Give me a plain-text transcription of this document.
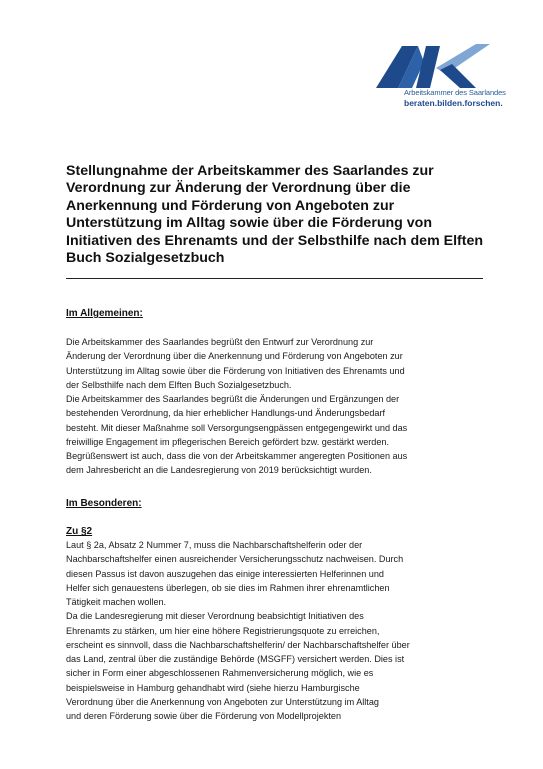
Arbeitskammer des Saarlandes
beraten.bilden.forschen.
Stellungnahme der Arbeitskammer des Saarlandes zur Verordnung zur Änderung der Verordnung über die Anerkennung und Förderung von Angeboten zur Unterstützung im Alltag sowie über die Förderung von Initiativen des Ehrenamts und der Selbsthilfe nach dem Elften Buch Sozialgesetzbuch
Im Allgemeinen:
Die Arbeitskammer des Saarlandes begrüßt den Entwurf zur Verordnung zur
Änderung der Verordnung über die Anerkennung und Förderung von Angeboten zur
Unterstützung im Alltag sowie über die Förderung von Initiativen des Ehrenamts und
der Selbsthilfe nach dem Elften Buch Sozialgesetzbuch.
Die Arbeitskammer des Saarlandes begrüßt die Änderungen und Ergänzungen der
bestehenden Verordnung, da hier erheblicher Handlungs-und Änderungsbedarf
besteht. Mit dieser Maßnahme soll Versorgungsengpässen entgegengewirkt und das
freiwillige Engagement im pflegerischen Bereich gefördert bzw. gestärkt werden.
Begrüßenswert ist auch, dass die von der Arbeitskammer angeregten Positionen aus
dem Jahresbericht an die Landesregierung von 2019 berücksichtigt wurden.
Im Besonderen:
Zu §2
Laut § 2a, Absatz 2 Nummer 7, muss die Nachbarschaftshelferin oder der
Nachbarschaftshelfer einen ausreichender Versicherungsschutz nachweisen. Durch
diesen Passus ist davon auszugehen das einige interessierten Helferinnen und
Helfer sich genauestens überlegen, ob sie dies im Rahmen ihrer ehrenamtlichen
Tätigkeit machen wollen.
Da die Landesregierung mit dieser Verordnung beabsichtigt Initiativen des
Ehrenamts zu stärken, um hier eine höhere Registrierungsquote zu erreichen,
erscheint es sinnvoll, dass die Nachbarschaftshelferin/ der Nachbarschaftshelfer über
das Land, zentral über die zuständige Behörde (MSGFF) versichert werden. Dies ist
sicher in Form einer abgeschlossenen Rahmenversicherung möglich, wie es
beispielsweise in Hamburg gehandhabt wird (siehe hierzu Hamburgische
Verordnung über die Anerkennung von Angeboten zur Unterstützung im Alltag
und deren Förderung sowie über die Förderung von Modellprojekten
